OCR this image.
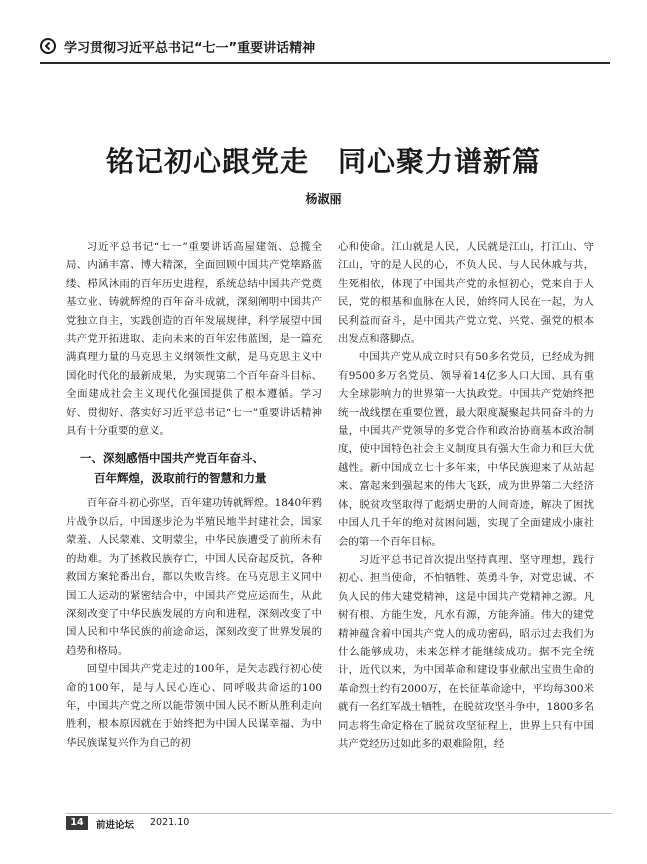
学习贯彻习近平总书记“七一”重要讲话精神
铭记初心跟党走　同心聚力谱新篇
杨淑丽

习近平总书记“七一”重要讲话高屋建瓴、总揽全局、内涵丰富、博大精深，全面回顾中国共产党筚路蓝缕、栉风沐雨的百年历史进程，系统总结中国共产党奠基立业、铸就辉煌的百年奋斗成就，深刻阐明中国共产党独立自主，实践创造的百年发展规律，科学展望中国共产党开拓进取、走向未来的百年宏伟蓝图，是一篇充满真理力量的马克思主义纲领性文献，是马克思主义中国化时代化的最新成果，为实现第二个百年奋斗目标、全面建成社会主义现代化强国提供了根本遵循。学习好、贯彻好、落实好习近平总书记“七一”重要讲话精神具有十分重要的意义。

一、深刻感悟中国共产党百年奋斗、
百年辉煌，汲取前行的智慧和力量

百年奋斗初心弥坚，百年建功铸就辉煌。1840年鸦片战争以后，中国逐步沦为半殖民地半封建社会，国家蒙羞、人民蒙难、文明蒙尘，中华民族遭受了前所未有的劫难。为了拯救民族存亡，中国人民奋起反抗，各种救国方案轮番出台，都以失败告终。在马克思主义同中国工人运动的紧密结合中，中国共产党应运而生，从此深刻改变了中华民族发展的方向和进程，深刻改变了中国人民和中华民族的前途命运，深刻改变了世界发展的趋势和格局。

回望中国共产党走过的100年，是矢志践行初心使命的100年，是与人民心连心、同呼吸共命运的100年，中国共产党之所以能带领中国人民不断从胜利走向胜利，根本原因就在于始终把为中国人民谋幸福、为中华民族谋复兴作为自己的初

心和使命。江山就是人民，人民就是江山，打江山、守江山，守的是人民的心，不负人民、与人民休戚与共，生死相依，体现了中国共产党的永恒初心，党来自于人民，党的根基和血脉在人民，始终同人民在一起，为人民利益而奋斗，是中国共产党立党、兴党、强党的根本出发点和落脚点。

中国共产党从成立时只有50多名党员，已经成为拥有9500多万名党员、领导着14亿多人口大国、具有重大全球影响力的世界第一大执政党。中国共产党始终把统一战线摆在重要位置，最大限度凝聚起共同奋斗的力量，中国共产党领导的多党合作和政治协商基本政治制度，使中国特色社会主义制度具有强大生命力和巨大优越性。新中国成立七十多年来，中华民族迎来了从站起来、富起来到强起来的伟大飞跃，成为世界第二大经济体，脱贫攻坚取得了彪炳史册的人间奇迹，解决了困扰中国人几千年的绝对贫困问题，实现了全面建成小康社会的第一个百年目标。

习近平总书记首次提出坚持真理、坚守理想，践行初心、担当使命，不怕牺牲、英勇斗争，对党忠诚、不负人民的伟大建党精神，这是中国共产党精神之源。凡树有根、方能生发，凡水有源，方能奔涌。伟大的建党精神蕴含着中国共产党人的成功密码，昭示过去我们为什么能够成功，未来怎样才能继续成功。据不完全统计，近代以来，为中国革命和建设事业献出宝贵生命的革命烈士约有2000万，在长征革命途中，平均每300米就有一名红军战士牺牲，在脱贫攻坚斗争中，1800多名同志将生命定格在了脱贫攻坚征程上，世界上只有中国共产党经历过如此多的艰难险阻，经

14	前进论坛 2021.10
